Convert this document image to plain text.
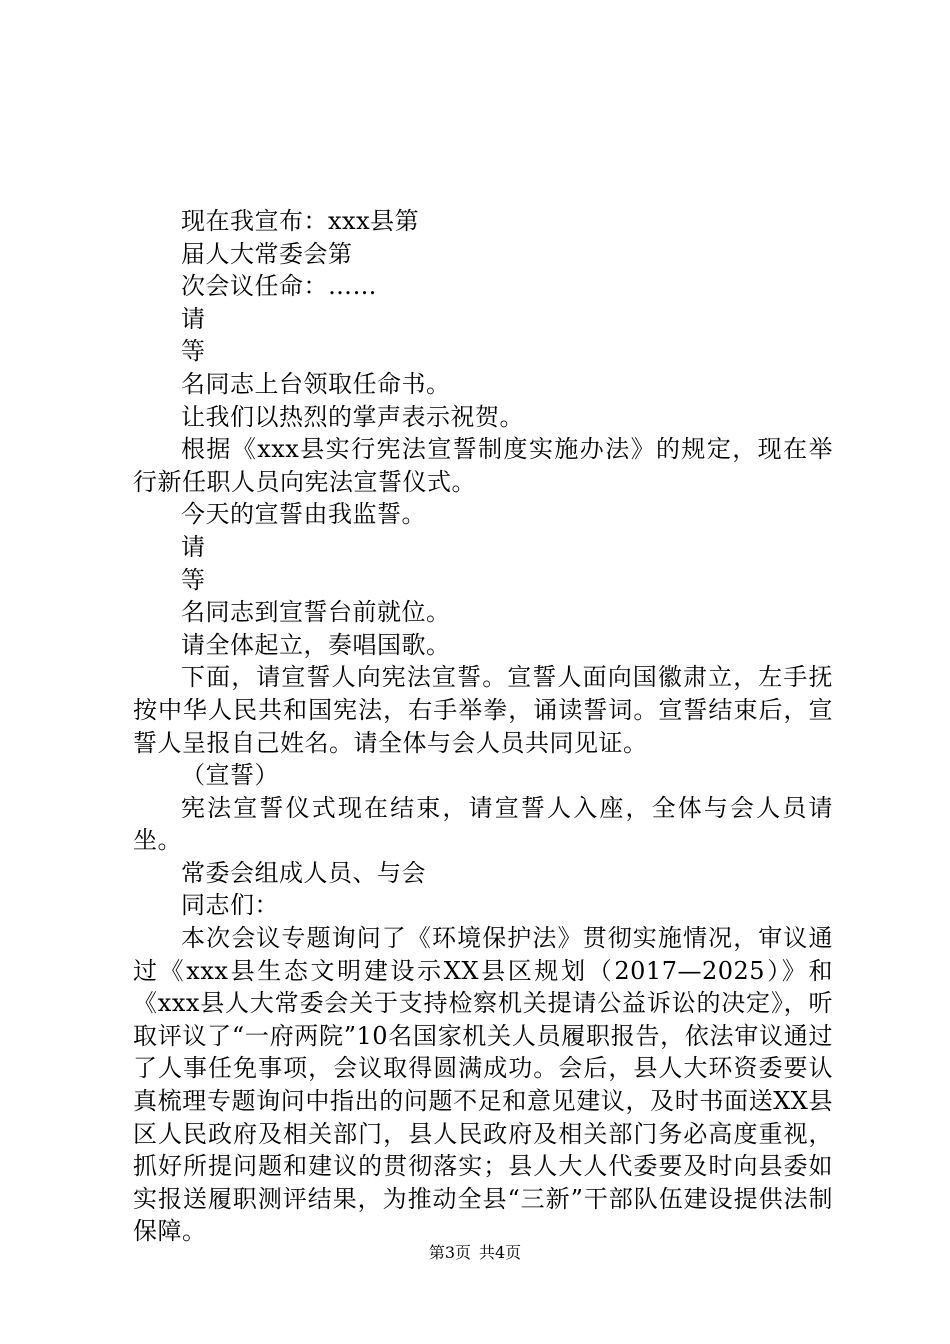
现在我宣布：xxx县第

届人大常委会第

次会议任命：……

请

等

名同志上台领取任命书。

让我们以热烈的掌声表示祝贺。

根据《xxx县实行宪法宣誓制度实施办法》的规定，现在举行新任职人员向宪法宣誓仪式。

今天的宣誓由我监誓。

请

等

名同志到宣誓台前就位。

请全体起立，奏唱国歌。

下面，请宣誓人向宪法宣誓。宣誓人面向国徽肃立，左手抚按中华人民共和国宪法，右手举拳，诵读誓词。宣誓结束后，宣誓人呈报自己姓名。请全体与会人员共同见证。

（宣誓）

宪法宣誓仪式现在结束，请宣誓人入座，全体与会人员请坐。

常委会组成人员、与会

同志们：

本次会议专题询问了《环境保护法》贯彻实施情况，审议通过《xxx县生态文明建设示XX县区规划（2017—2025）》和《xxx县人大常委会关于支持检察机关提请公益诉讼的决定》，听取评议了“一府两院”10名国家机关人员履职报告，依法审议通过了人事任免事项，会议取得圆满成功。会后，县人大环资委要认真梳理专题询问中指出的问题不足和意见建议，及时书面送XX县区人民政府及相关部门，县人民政府及相关部门务必高度重视，抓好所提问题和建议的贯彻落实；县人大人代委要及时向县委如实报送履职测评结果，为推动全县“三新”干部队伍建设提供法制保障。

第3页 共4页
